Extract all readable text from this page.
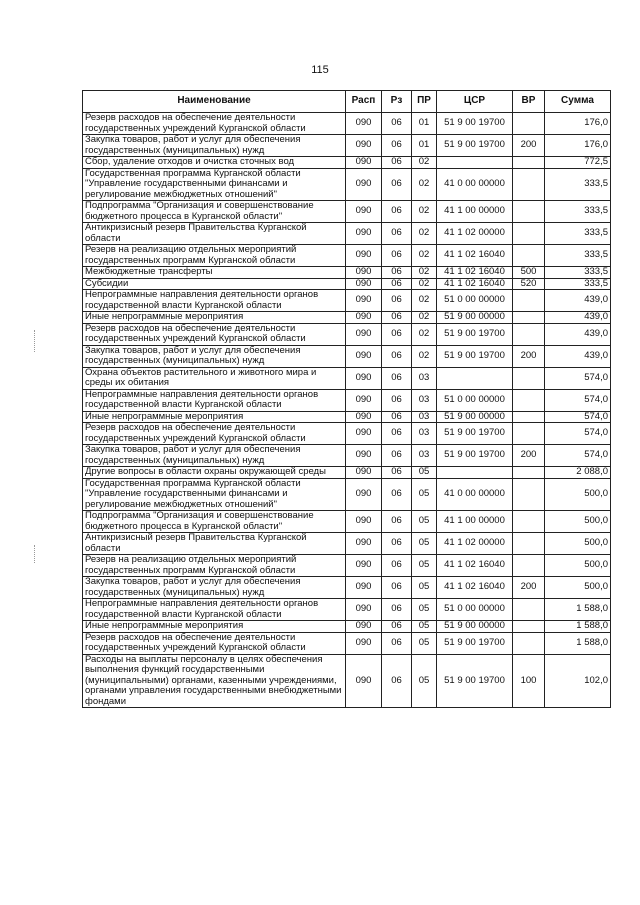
115
Наименование	Расп	Рз	ПР	ЦСР	ВР	Сумма
Резерв расходов на обеспечение деятельности государственных учреждений Курганской области	090	06	01	51 9 00 19700		176,0
Закупка товаров, работ и услуг для обеспечения государственных (муниципальных) нужд	090	06	01	51 9 00 19700	200	176,0
Сбор, удаление отходов и очистка сточных вод	090	06	02			772,5
Государственная программа Курганской области "Управление государственными финансами и регулирование межбюджетных отношений"	090	06	02	41 0 00 00000		333,5
Подпрограмма "Организация и совершенствование бюджетного процесса в Курганской области"	090	06	02	41 1 00 00000		333,5
Антикризисный резерв Правительства Курганской области	090	06	02	41 1 02 00000		333,5
Резерв на реализацию отдельных мероприятий государственных программ Курганской области	090	06	02	41 1 02 16040		333,5
Межбюджетные трансферты	090	06	02	41 1 02 16040	500	333,5
Субсидии	090	06	02	41 1 02 16040	520	333,5
Непрограммные направления деятельности органов государственной власти Курганской области	090	06	02	51 0 00 00000		439,0
Иные непрограммные мероприятия	090	06	02	51 9 00 00000		439,0
Резерв расходов на обеспечение деятельности государственных учреждений Курганской области	090	06	02	51 9 00 19700		439,0
Закупка товаров, работ и услуг для обеспечения государственных (муниципальных) нужд	090	06	02	51 9 00 19700	200	439,0
Охрана объектов растительного и животного мира и среды их обитания	090	06	03			574,0
Непрограммные направления деятельности органов государственной власти Курганской области	090	06	03	51 0 00 00000		574,0
Иные непрограммные мероприятия	090	06	03	51 9 00 00000		574,0
Резерв расходов на обеспечение деятельности государственных учреждений Курганской области	090	06	03	51 9 00 19700		574,0
Закупка товаров, работ и услуг для обеспечения государственных (муниципальных) нужд	090	06	03	51 9 00 19700	200	574,0
Другие вопросы в области охраны окружающей среды	090	06	05			2 088,0
Государственная программа Курганской области "Управление государственными финансами и регулирование межбюджетных отношений"	090	06	05	41 0 00 00000		500,0
Подпрограмма "Организация и совершенствование бюджетного процесса в Курганской области"	090	06	05	41 1 00 00000		500,0
Антикризисный резерв Правительства Курганской области	090	06	05	41 1 02 00000		500,0
Резерв на реализацию отдельных мероприятий государственных программ Курганской области	090	06	05	41 1 02 16040		500,0
Закупка товаров, работ и услуг для обеспечения государственных (муниципальных) нужд	090	06	05	41 1 02 16040	200	500,0
Непрограммные направления деятельности органов государственной власти Курганской области	090	06	05	51 0 00 00000		1 588,0
Иные непрограммные мероприятия	090	06	05	51 9 00 00000		1 588,0
Резерв расходов на обеспечение деятельности государственных учреждений Курганской области	090	06	05	51 9 00 19700		1 588,0
Расходы на выплаты персоналу в целях обеспечения выполнения функций государственными (муниципальными) органами, казенными учреждениями, органами управления государственными внебюджетными фондами	090	06	05	51 9 00 19700	100	102,0
